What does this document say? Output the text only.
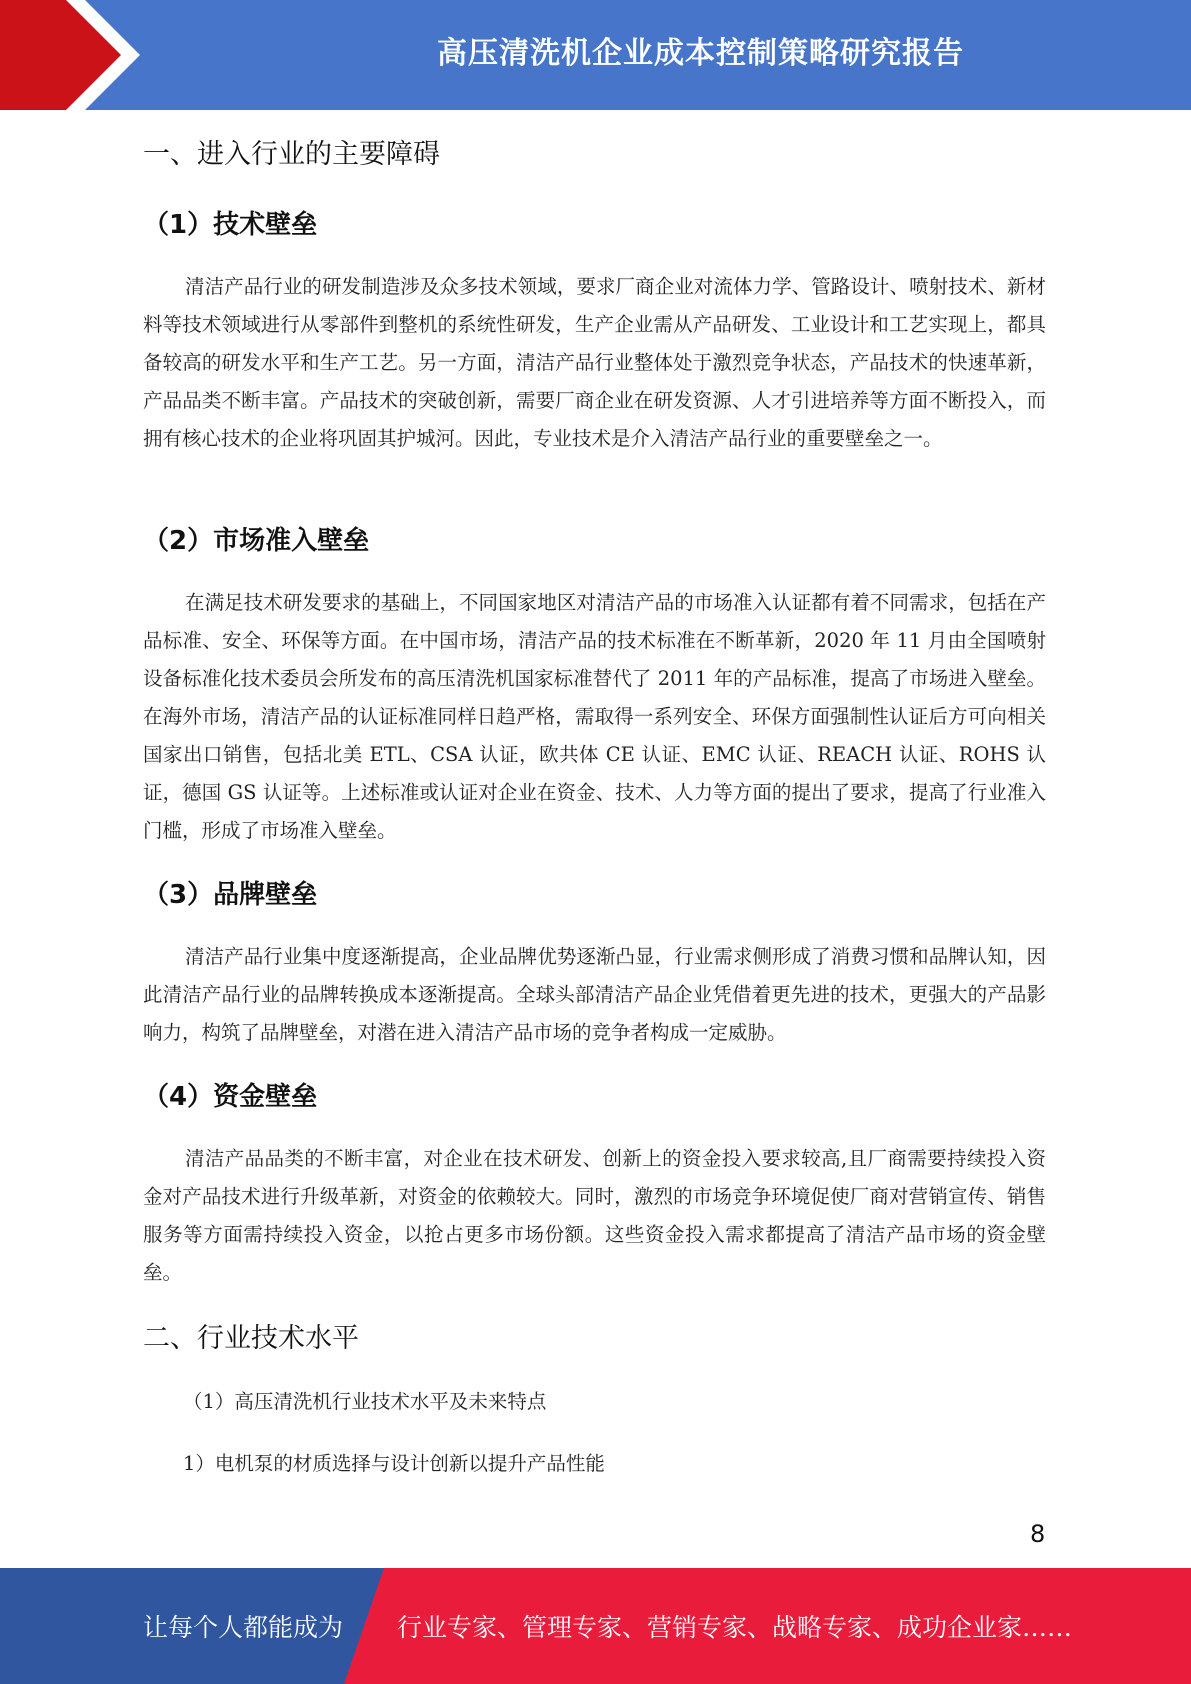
高压清洗机企业成本控制策略研究报告
一、进入行业的主要障碍
（1）技术壁垒

清洁产品行业的研发制造涉及众多技术领域，要求厂商企业对流体力学、管路设计、喷射技术、新材料等技术领域进行从零部件到整机的系统性研发，生产企业需从产品研发、工业设计和工艺实现上，都具备较高的研发水平和生产工艺。另一方面，清洁产品行业整体处于激烈竞争状态，产品技术的快速革新，产品品类不断丰富。产品技术的突破创新，需要厂商企业在研发资源、人才引进培养等方面不断投入，而拥有核心技术的企业将巩固其护城河。因此，专业技术是介入清洁产品行业的重要壁垒之一。

（2）市场准入壁垒

在满足技术研发要求的基础上，不同国家地区对清洁产品的市场准入认证都有着不同需求，包括在产品标准、安全、环保等方面。在中国市场，清洁产品的技术标准在不断革新，2020 年 11 月由全国喷射设备标准化技术委员会所发布的高压清洗机国家标准替代了 2011 年的产品标准，提高了市场进入壁垒。在海外市场，清洁产品的认证标准同样日趋严格，需取得一系列安全、环保方面强制性认证后方可向相关国家出口销售，包括北美 ETL、CSA 认证，欧共体 CE 认证、EMC 认证、REACH 认证、ROHS 认证，德国 GS 认证等。上述标准或认证对企业在资金、技术、人力等方面的提出了要求，提高了行业准入门槛，形成了市场准入壁垒。

（3）品牌壁垒

清洁产品行业集中度逐渐提高，企业品牌优势逐渐凸显，行业需求侧形成了消费习惯和品牌认知，因此清洁产品行业的品牌转换成本逐渐提高。全球头部清洁产品企业凭借着更先进的技术，更强大的产品影响力，构筑了品牌壁垒，对潜在进入清洁产品市场的竞争者构成一定威胁。

（4）资金壁垒

清洁产品品类的不断丰富，对企业在技术研发、创新上的资金投入要求较高,且厂商需要持续投入资金对产品技术进行升级革新，对资金的依赖较大。同时，激烈的市场竞争环境促使厂商对营销宣传、销售服务等方面需持续投入资金，以抢占更多市场份额。这些资金投入需求都提高了清洁产品市场的资金壁垒。

二、行业技术水平

（1）高压清洗机行业技术水平及未来特点

1）电机泵的材质选择与设计创新以提升产品性能

8
让每个人都能成为 行业专家、管理专家、营销专家、战略专家、成功企业家……
